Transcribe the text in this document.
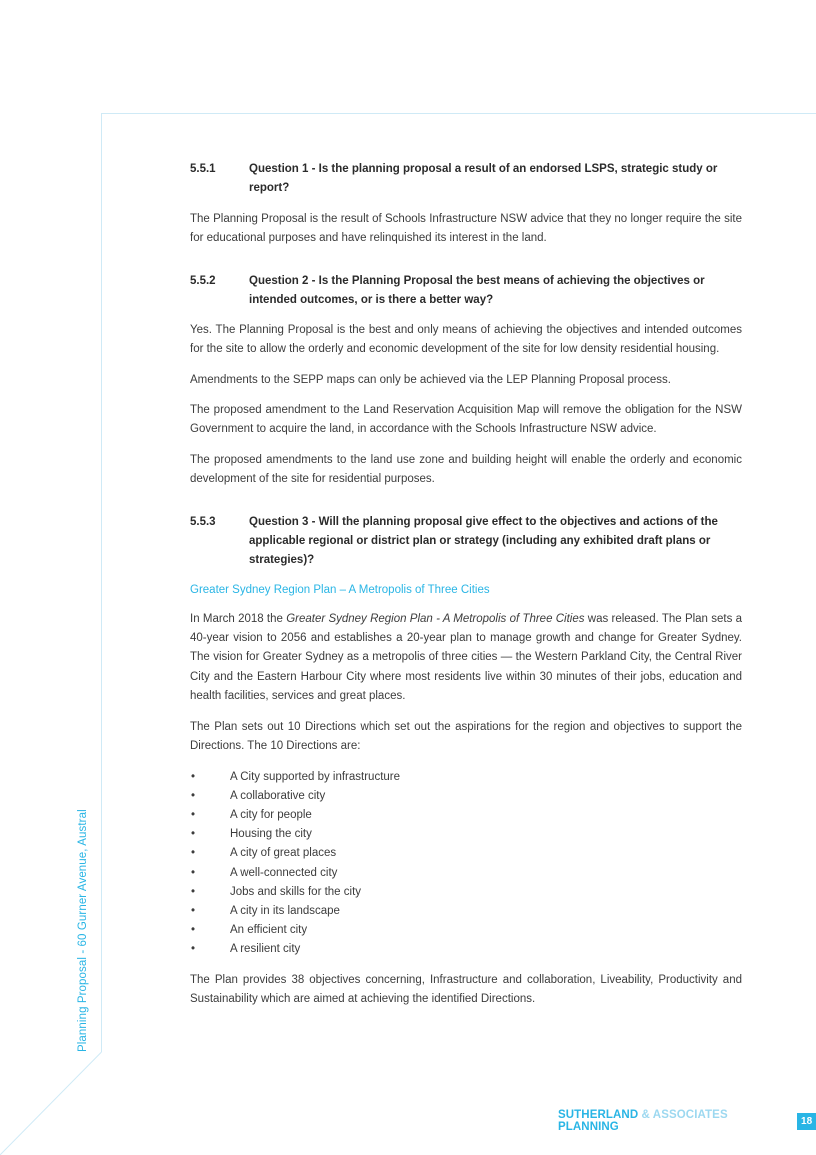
Planning Proposal - 60 Gurner Avenue, Austral
5.5.1	Question 1 - Is the planning proposal a result of an endorsed LSPS, strategic study or report?

The Planning Proposal is the result of Schools Infrastructure NSW advice that they no longer require the site for educational purposes and have relinquished its interest in the land.

5.5.2	Question 2 - Is the Planning Proposal the best means of achieving the objectives or intended outcomes, or is there a better way?

Yes. The Planning Proposal is the best and only means of achieving the objectives and intended outcomes for the site to allow the orderly and economic development of the site for low density residential housing.

Amendments to the SEPP maps can only be achieved via the LEP Planning Proposal process.

The proposed amendment to the Land Reservation Acquisition Map will remove the obligation for the NSW Government to acquire the land, in accordance with the Schools Infrastructure NSW advice.

The proposed amendments to the land use zone and building height will enable the orderly and economic development of the site for residential purposes.

5.5.3	Question 3 - Will the planning proposal give effect to the objectives and actions of the applicable regional or district plan or strategy (including any exhibited draft plans or strategies)?
Greater Sydney Region Plan – A Metropolis of Three Cities

In March 2018 the Greater Sydney Region Plan - A Metropolis of Three Cities was released. The Plan sets a 40-year vision to 2056 and establishes a 20-year plan to manage growth and change for Greater Sydney. The vision for Greater Sydney as a metropolis of three cities — the Western Parkland City, the Central River City and the Eastern Harbour City where most residents live within 30 minutes of their jobs, education and health facilities, services and great places.

The Plan sets out 10 Directions which set out the aspirations for the region and objectives to support the Directions. The 10 Directions are:

•	A City supported by infrastructure
•	A collaborative city
•	A city for people
•	Housing the city
•	A city of great places
•	A well-connected city
•	Jobs and skills for the city
•	A city in its landscape
•	An efficient city
•	A resilient city

The Plan provides 38 objectives concerning, Infrastructure and collaboration, Liveability, Productivity and Sustainability which are aimed at achieving the identified Directions.

SUTHERLAND & ASSOCIATES PLANNING	18
